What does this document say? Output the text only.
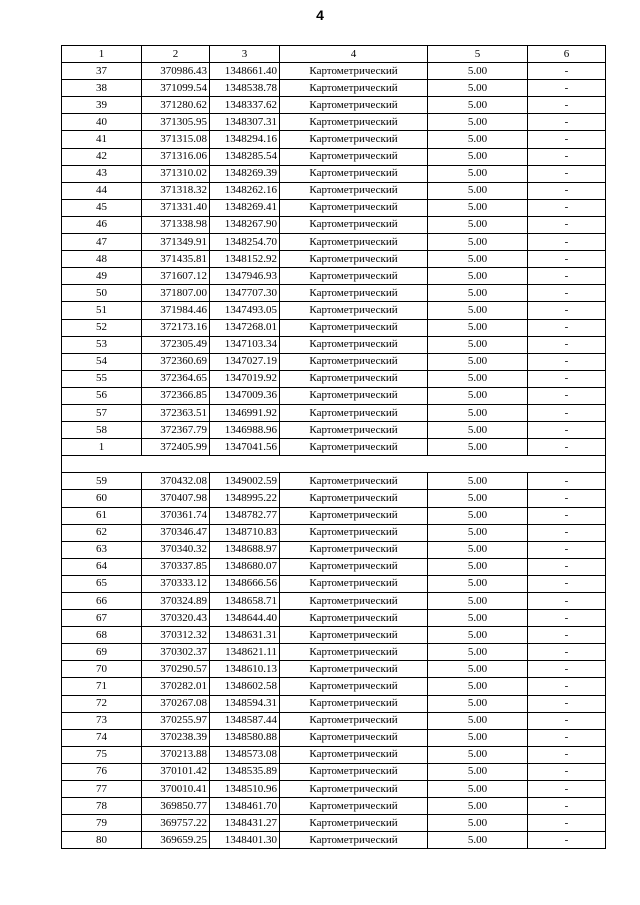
4
1	2	3	4	5	6
37	370986.43	1348661.40	Картометрический	5.00	-
38	371099.54	1348538.78	Картометрический	5.00	-
39	371280.62	1348337.62	Картометрический	5.00	-
40	371305.95	1348307.31	Картометрический	5.00	-
41	371315.08	1348294.16	Картометрический	5.00	-
42	371316.06	1348285.54	Картометрический	5.00	-
43	371310.02	1348269.39	Картометрический	5.00	-
44	371318.32	1348262.16	Картометрический	5.00	-
45	371331.40	1348269.41	Картометрический	5.00	-
46	371338.98	1348267.90	Картометрический	5.00	-
47	371349.91	1348254.70	Картометрический	5.00	-
48	371435.81	1348152.92	Картометрический	5.00	-
49	371607.12	1347946.93	Картометрический	5.00	-
50	371807.00	1347707.30	Картометрический	5.00	-
51	371984.46	1347493.05	Картометрический	5.00	-
52	372173.16	1347268.01	Картометрический	5.00	-
53	372305.49	1347103.34	Картометрический	5.00	-
54	372360.69	1347027.19	Картометрический	5.00	-
55	372364.65	1347019.92	Картометрический	5.00	-
56	372366.85	1347009.36	Картометрический	5.00	-
57	372363.51	1346991.92	Картометрический	5.00	-
58	372367.79	1346988.96	Картометрический	5.00	-
1	372405.99	1347041.56	Картометрический	5.00	-

59	370432.08	1349002.59	Картометрический	5.00	-
60	370407.98	1348995.22	Картометрический	5.00	-
61	370361.74	1348782.77	Картометрический	5.00	-
62	370346.47	1348710.83	Картометрический	5.00	-
63	370340.32	1348688.97	Картометрический	5.00	-
64	370337.85	1348680.07	Картометрический	5.00	-
65	370333.12	1348666.56	Картометрический	5.00	-
66	370324.89	1348658.71	Картометрический	5.00	-
67	370320.43	1348644.40	Картометрический	5.00	-
68	370312.32	1348631.31	Картометрический	5.00	-
69	370302.37	1348621.11	Картометрический	5.00	-
70	370290.57	1348610.13	Картометрический	5.00	-
71	370282.01	1348602.58	Картометрический	5.00	-
72	370267.08	1348594.31	Картометрический	5.00	-
73	370255.97	1348587.44	Картометрический	5.00	-
74	370238.39	1348580.88	Картометрический	5.00	-
75	370213.88	1348573.08	Картометрический	5.00	-
76	370101.42	1348535.89	Картометрический	5.00	-
77	370010.41	1348510.96	Картометрический	5.00	-
78	369850.77	1348461.70	Картометрический	5.00	-
79	369757.22	1348431.27	Картометрический	5.00	-
80	369659.25	1348401.30	Картометрический	5.00	-
